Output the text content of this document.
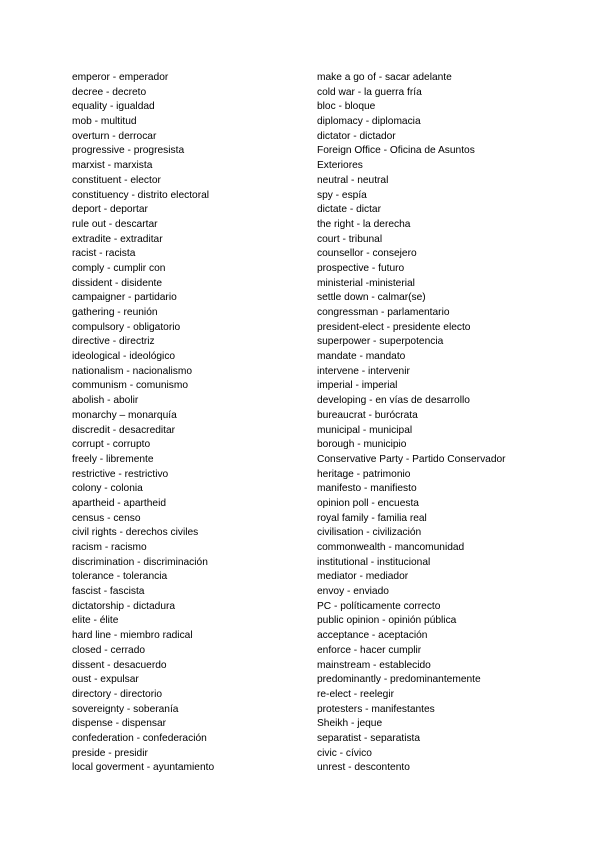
emperor - emperador
decree - decreto
equality - igualdad
mob - multitud
overturn - derrocar
progressive - progresista
marxist - marxista
constituent - elector
constituency - distrito electoral
deport - deportar
rule out - descartar
extradite - extraditar
racist - racista
comply - cumplir con
dissident - disidente
campaigner - partidario
gathering - reunión
compulsory - obligatorio
directive - directriz
ideological - ideológico
nationalism - nacionalismo
communism - comunismo
abolish - abolir
monarchy – monarquía
discredit - desacreditar
corrupt - corrupto
freely - libremente
restrictive - restrictivo
colony - colonia
apartheid - apartheid
census - censo
civil rights - derechos civiles
racism - racismo
discrimination - discriminación
tolerance - tolerancia
fascist - fascista
dictatorship - dictadura
elite - élite
hard line - miembro radical
closed - cerrado
dissent - desacuerdo
oust - expulsar
directory - directorio
sovereignty - soberanía
dispense - dispensar
confederation - confederación
preside - presidir
local goverment - ayuntamiento
make a go of - sacar adelante
cold war - la guerra fría
bloc - bloque
diplomacy - diplomacia
dictator - dictador
Foreign Office - Oficina de Asuntos
Exteriores
neutral - neutral
spy - espía
dictate - dictar
the right - la derecha
court - tribunal
counsellor - consejero
prospective - futuro
ministerial -ministerial
settle down - calmar(se)
congressman - parlamentario
president-elect - presidente electo
superpower - superpotencia
mandate - mandato
intervene - intervenir
imperial - imperial
developing - en vías de desarrollo
bureaucrat - burócrata
municipal - municipal
borough - municipio
Conservative Party - Partido Conservador
heritage - patrimonio
manifesto - manifiesto
opinion poll - encuesta
royal family - familia real
civilisation - civilización
commonwealth - mancomunidad
institutional - institucional
mediator - mediador
envoy - enviado
PC - políticamente correcto
public opinion - opinión pública
acceptance - aceptación
enforce - hacer cumplir
mainstream - establecido
predominantly - predominantemente
re-elect - reelegir
protesters - manifestantes
Sheikh - jeque
separatist - separatista
civic - cívico
unrest - descontento
